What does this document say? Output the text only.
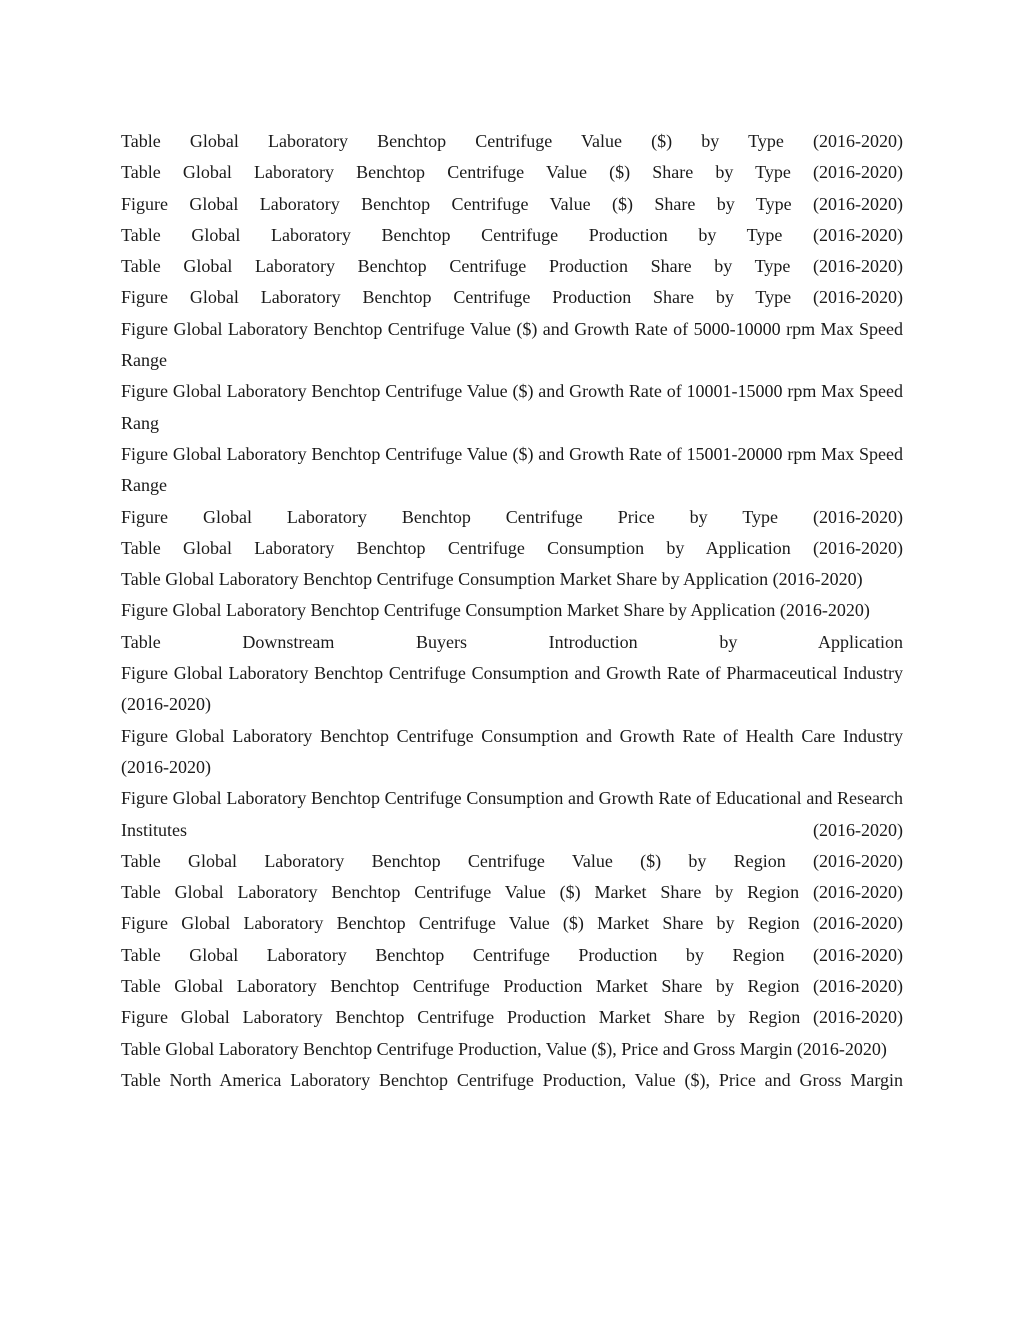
Table Global Laboratory Benchtop Centrifuge Value ($) by Type (2016-2020)

Table Global Laboratory Benchtop Centrifuge Value ($) Share by Type (2016-2020)

Figure Global Laboratory Benchtop Centrifuge Value ($) Share by Type (2016-2020)

Table Global Laboratory Benchtop Centrifuge Production by Type (2016-2020)

Table Global Laboratory Benchtop Centrifuge Production Share by Type (2016-2020)

Figure Global Laboratory Benchtop Centrifuge Production Share by Type (2016-2020)

Figure Global Laboratory Benchtop Centrifuge Value ($) and Growth Rate of 5000-10000 rpm Max Speed Range

Figure Global Laboratory Benchtop Centrifuge Value ($) and Growth Rate of 10001-15000 rpm Max Speed Rang

Figure Global Laboratory Benchtop Centrifuge Value ($) and Growth Rate of 15001-20000 rpm Max Speed Range

Figure Global Laboratory Benchtop Centrifuge Price by Type (2016-2020)

Table Global Laboratory Benchtop Centrifuge Consumption by Application (2016-2020)

Table Global Laboratory Benchtop Centrifuge Consumption Market Share by Application (2016-2020)

Figure Global Laboratory Benchtop Centrifuge Consumption Market Share by Application (2016-2020)

Table Downstream Buyers Introduction by Application

Figure Global Laboratory Benchtop Centrifuge Consumption and Growth Rate of Pharmaceutical Industry (2016-2020)

Figure Global Laboratory Benchtop Centrifuge Consumption and Growth Rate of Health Care Industry (2016-2020)

Figure Global Laboratory Benchtop Centrifuge Consumption and Growth Rate of Educational and Research Institutes (2016-2020)

Table Global Laboratory Benchtop Centrifuge Value ($) by Region (2016-2020)

Table Global Laboratory Benchtop Centrifuge Value ($) Market Share by Region (2016-2020)

Figure Global Laboratory Benchtop Centrifuge Value ($) Market Share by Region (2016-2020)

Table Global Laboratory Benchtop Centrifuge Production by Region (2016-2020)

Table Global Laboratory Benchtop Centrifuge Production Market Share by Region (2016-2020)

Figure Global Laboratory Benchtop Centrifuge Production Market Share by Region (2016-2020)

Table Global Laboratory Benchtop Centrifuge Production, Value ($), Price and Gross Margin (2016-2020)

Table North America Laboratory Benchtop Centrifuge Production, Value ($), Price and Gross Margin
